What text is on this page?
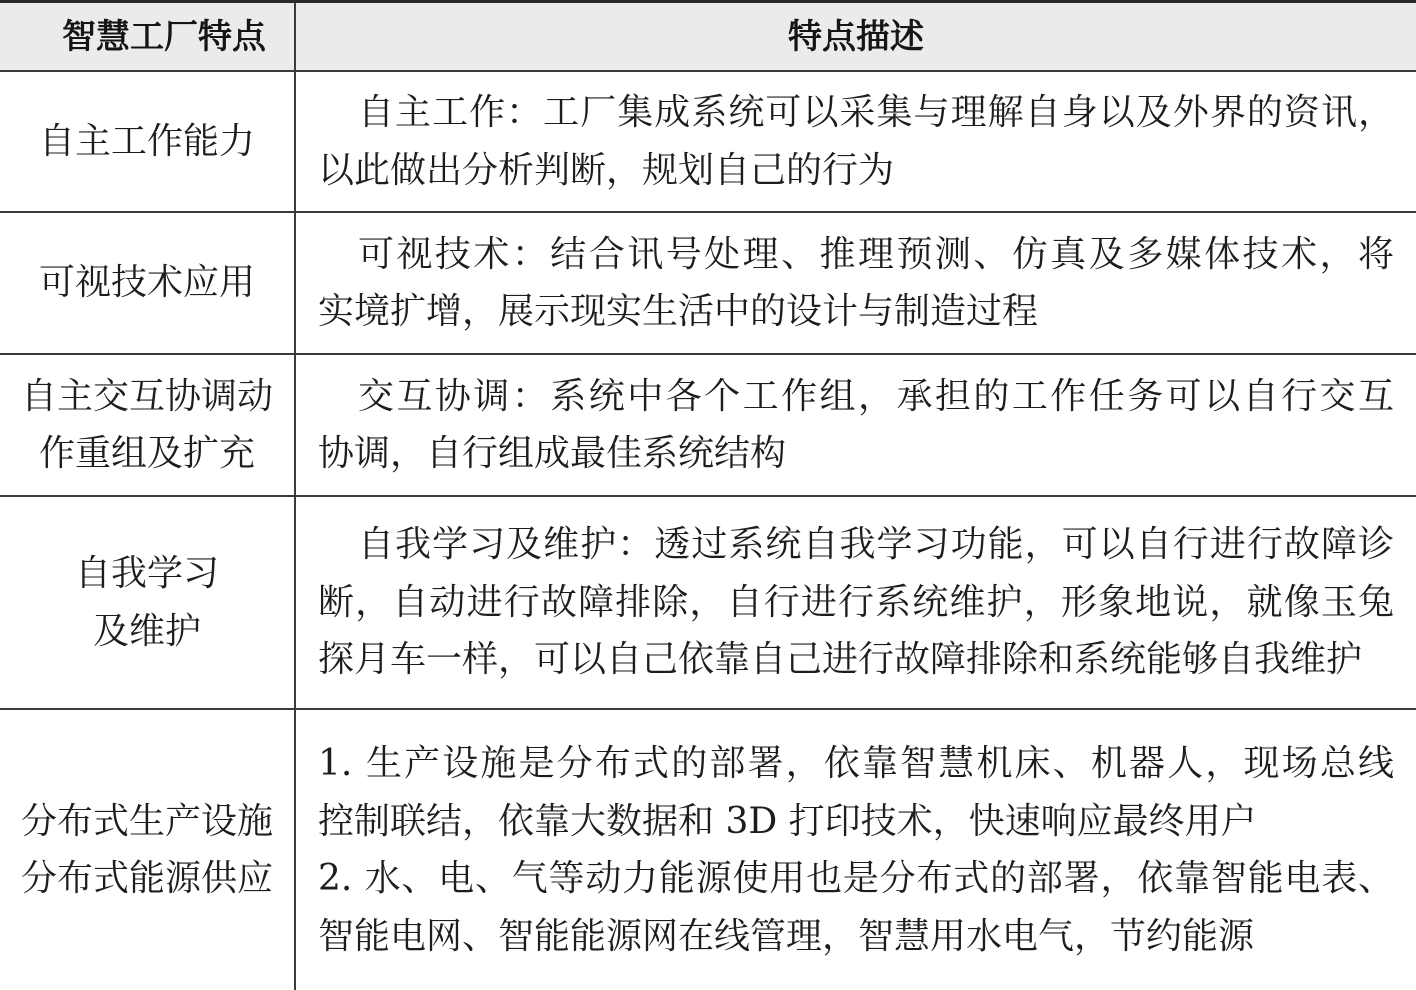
智慧工厂特点	特点描述
自主工作能力
自主工作：工厂集成系统可以采集与理解自身以及外界的资讯，
以此做出分析判断，规划自己的行为
可视技术应用
可视技术：结合讯号处理、推理预测、仿真及多媒体技术，将
实境扩增，展示现实生活中的设计与制造过程
自主交互协调动
作重组及扩充
交互协调：系统中各个工作组，承担的工作任务可以自行交互
协调，自行组成最佳系统结构
自我学习
及维护
自我学习及维护：透过系统自我学习功能，可以自行进行故障诊
断，自动进行故障排除，自行进行系统维护，形象地说，就像玉兔
探月车一样，可以自己依靠自己进行故障排除和系统能够自我维护
分布式生产设施
分布式能源供应
1. 生产设施是分布式的部署，依靠智慧机床、机器人，现场总线
控制联结，依靠大数据和 3D 打印技术，快速响应最终用户
2. 水、电、气等动力能源使用也是分布式的部署，依靠智能电表、
智能电网、智能能源网在线管理，智慧用水电气，节约能源
